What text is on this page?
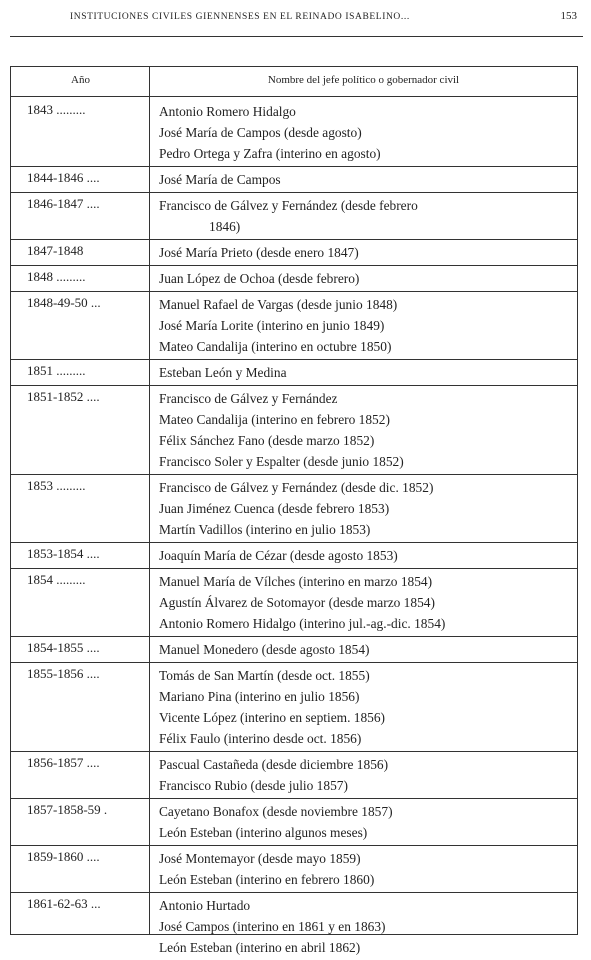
INSTITUCIONES CIVILES GIENNENSES EN EL REINADO ISABELINO...	153
Año	Nombre del jefe político o gobernador civil
1843 .........	Antonio Romero Hidalgo
José María de Campos (desde agosto)
Pedro Ortega y Zafra (interino en agosto)
1844-1846 ....	José María de Campos
1846-1847 ....	Francisco de Gálvez y Fernández (desde febrero
1846)
1847-1848	José María Prieto (desde enero 1847)
1848 .........	Juan López de Ochoa (desde febrero)
1848-49-50 ...	Manuel Rafael de Vargas (desde junio 1848)
José María Lorite (interino en junio 1849)
Mateo Candalija (interino en octubre 1850)
1851 .........	Esteban León y Medina
1851-1852 ....	Francisco de Gálvez y Fernández
Mateo Candalija (interino en febrero 1852)
Félix Sánchez Fano (desde marzo 1852)
Francisco Soler y Espalter (desde junio 1852)
1853 .........	Francisco de Gálvez y Fernández (desde dic. 1852)
Juan Jiménez Cuenca (desde febrero 1853)
Martín Vadillos (interino en julio 1853)
1853-1854 ....	Joaquín María de Cézar (desde agosto 1853)
1854 .........	Manuel María de Vílches (interino en marzo 1854)
Agustín Álvarez de Sotomayor (desde marzo 1854)
Antonio Romero Hidalgo (interino jul.-ag.-dic. 1854)
1854-1855 ....	Manuel Monedero (desde agosto 1854)
1855-1856 ....	Tomás de San Martín (desde oct. 1855)
Mariano Pina (interino en julio 1856)
Vicente López (interino en septiem. 1856)
Félix Faulo (interino desde oct. 1856)
1856-1857 ....	Pascual Castañeda (desde diciembre 1856)
Francisco Rubio (desde julio 1857)
1857-1858-59 .	Cayetano Bonafox (desde noviembre 1857)
León Esteban (interino algunos meses)
1859-1860 ....	José Montemayor (desde mayo 1859)
León Esteban (interino en febrero 1860)
1861-62-63 ...	Antonio Hurtado
José Campos (interino en 1861 y en 1863)
León Esteban (interino en abril 1862)
